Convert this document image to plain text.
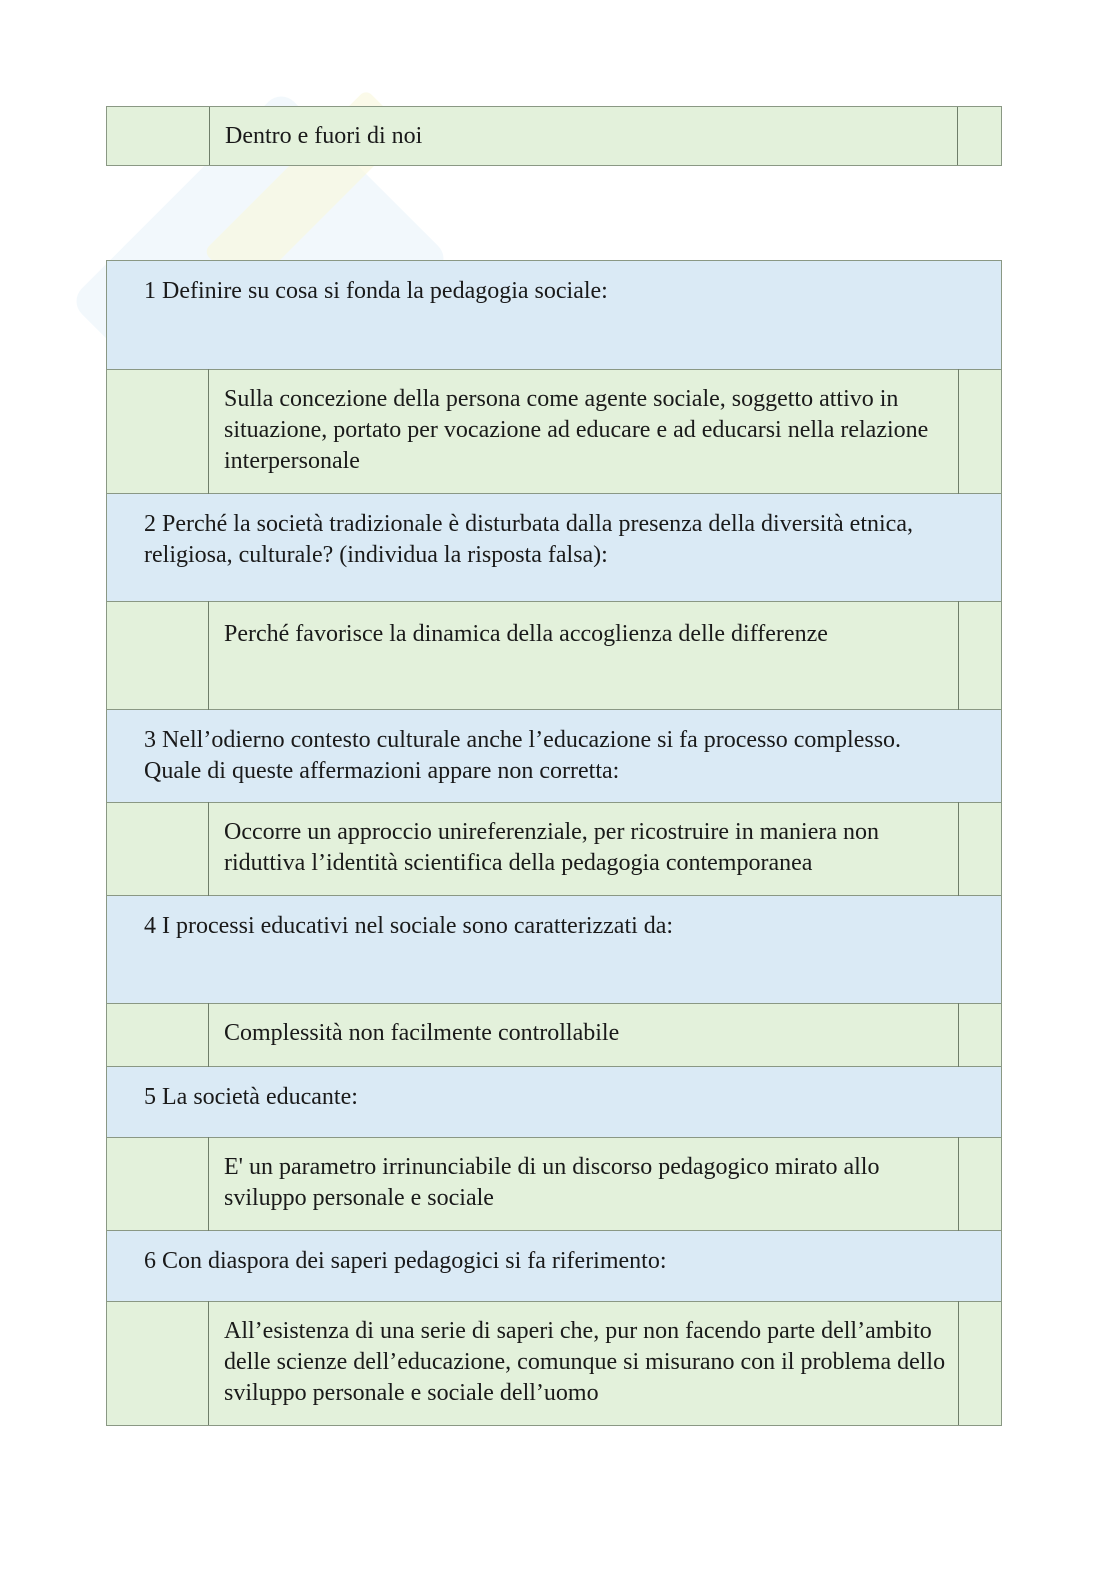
Dentro e fuori di noi
1 Definire su cosa si fonda la pedagogia sociale:		
	Sulla concezione della persona come agente sociale, soggetto attivo in situazione, portato per vocazione ad educare e ad educarsi nella relazione interpersonale	
2 Perché la società tradizionale è disturbata dalla presenza della diversità etnica, religiosa, culturale? (individua la risposta falsa):		
	Perché favorisce la dinamica della accoglienza delle differenze	
3 Nell’odierno contesto culturale anche l’educazione si fa processo complesso. Quale di queste affermazioni appare non corretta:		
	Occorre un approccio unireferenziale, per ricostruire in maniera non riduttiva l’identità scientifica della pedagogia contemporanea	
4 I processi educativi nel sociale sono caratterizzati da:		
	Complessità non facilmente controllabile	
5 La società educante:		
	E' un parametro irrinunciabile di un discorso pedagogico mirato allo sviluppo personale e sociale	
6 Con diaspora dei saperi pedagogici si fa riferimento:		
	All’esistenza di una serie di saperi che, pur non facendo parte dell’ambito delle scienze dell’educazione, comunque si misurano con il problema dello sviluppo personale e sociale dell’uomo	
